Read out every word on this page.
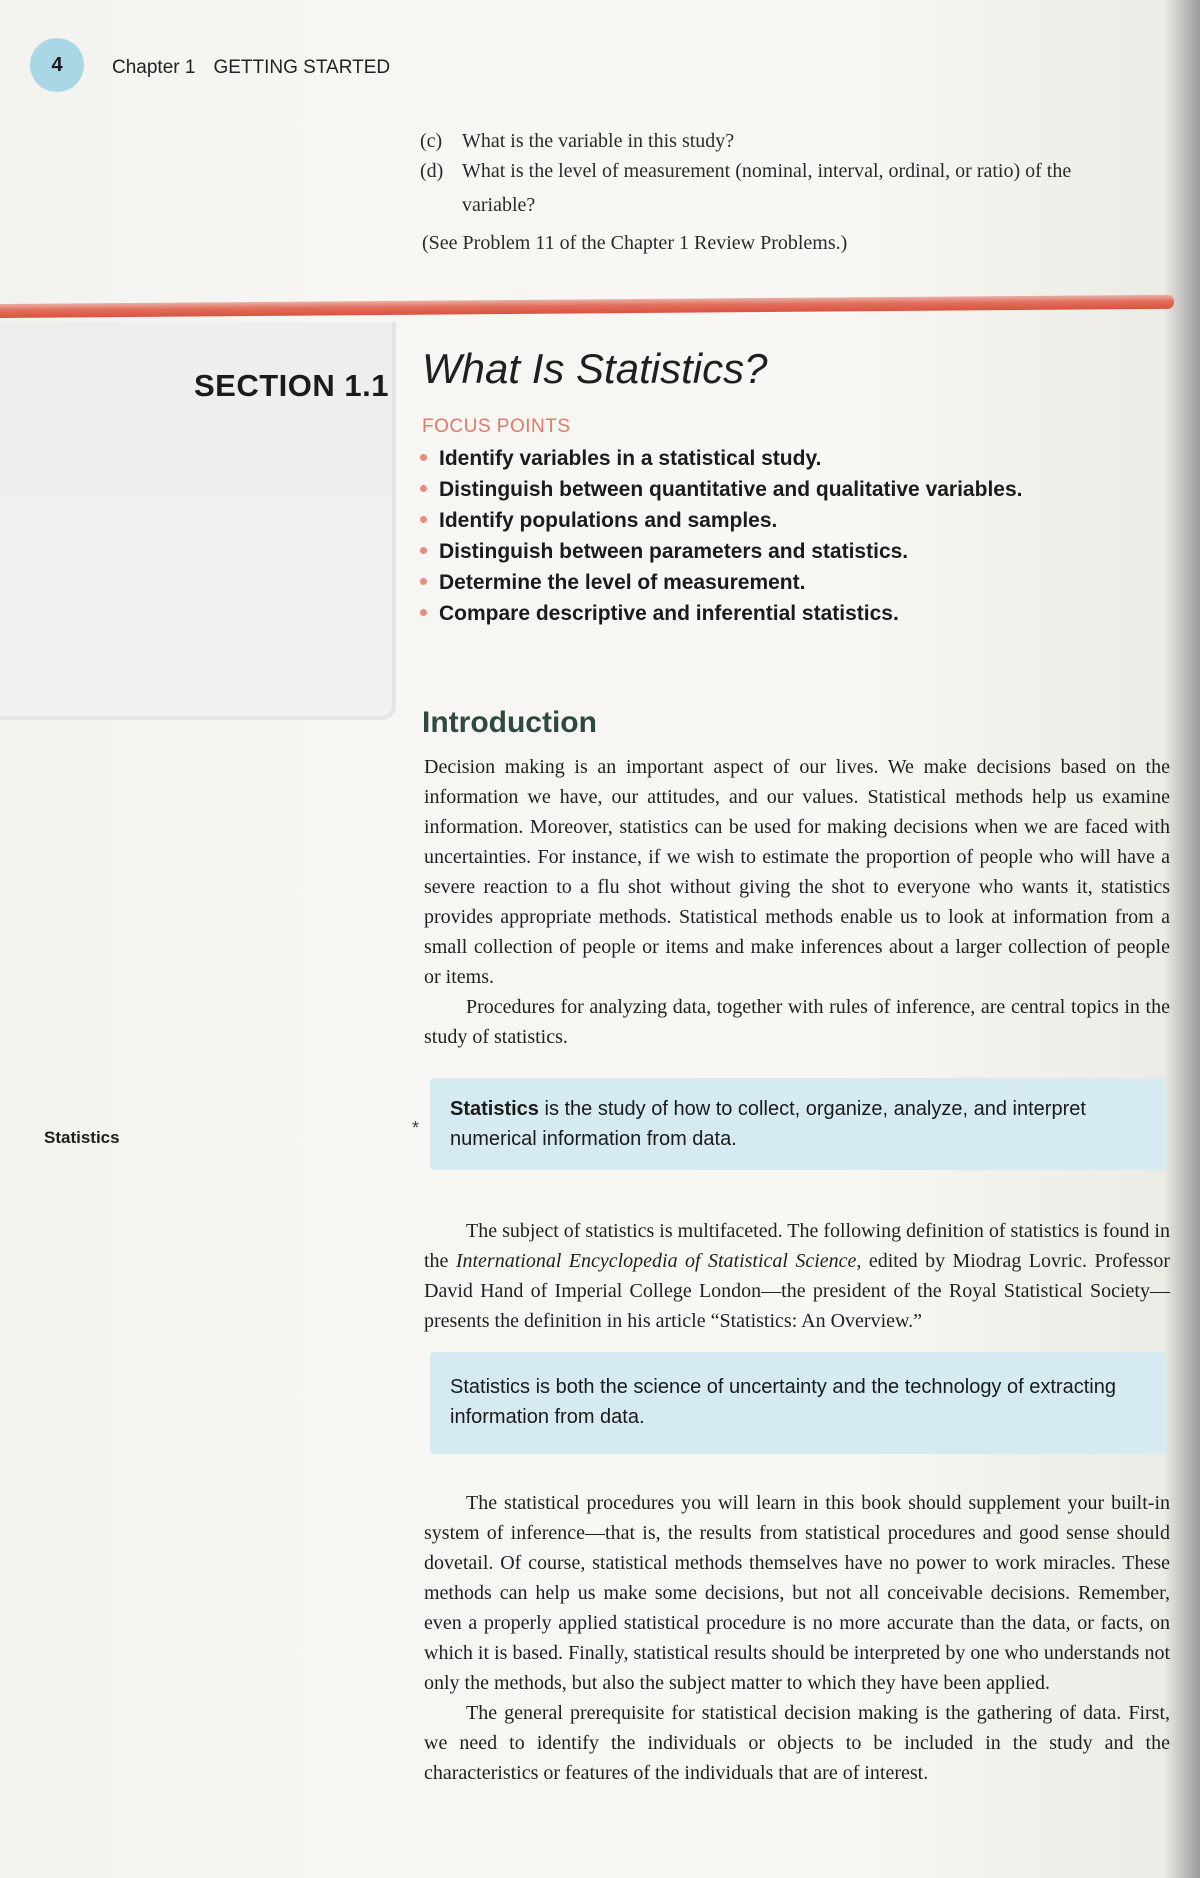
4	Chapter 1 GETTING STARTED
(c) What is the variable in this study?
(d) What is the level of measurement (nominal, interval, ordinal, or ratio) of the
variable?
(See Problem 11 of the Chapter 1 Review Problems.)
SECTION 1.1 What Is Statistics?
FOCUS POINTS
Identify variables in a statistical study.
Distinguish between quantitative and qualitative variables.
Identify populations and samples.
Distinguish between parameters and statistics.
Determine the level of measurement.
Compare descriptive and inferential statistics.
Introduction

Decision making is an important aspect of our lives. We make decisions based on the information we have, our attitudes, and our values. Statistical methods help us examine information. Moreover, statistics can be used for making decisions when we are faced with uncertainties. For instance, if we wish to estimate the proportion of people who will have a severe reaction to a flu shot without giving the shot to everyone who wants it, statistics provides appropriate methods. Statistical methods enable us to look at information from a small collection of people or items and make inferences about a larger collection of people or items.

Procedures for analyzing data, together with rules of inference, are central topics in the study of statistics.

Statistics	*
Statistics is the study of how to collect, organize, analyze, and interpret numerical information from data.

The subject of statistics is multifaceted. The following definition of statistics is found in the International Encyclopedia of Statistical Science, edited by Miodrag Lovric. Professor David Hand of Imperial College London—the president of the Royal Statistical Society—presents the definition in his article “Statistics: An Overview.”

Statistics is both the science of uncertainty and the technology of extracting information from data.

The statistical procedures you will learn in this book should supplement your built-in system of inference—that is, the results from statistical procedures and good sense should dovetail. Of course, statistical methods themselves have no power to work miracles. These methods can help us make some decisions, but not all conceivable decisions. Remember, even a properly applied statistical procedure is no more accurate than the data, or facts, on which it is based. Finally, statistical results should be interpreted by one who understands not only the methods, but also the subject matter to which they have been applied.

The general prerequisite for statistical decision making is the gathering of data. First, we need to identify the individuals or objects to be included in the study and the characteristics or features of the individuals that are of interest.
